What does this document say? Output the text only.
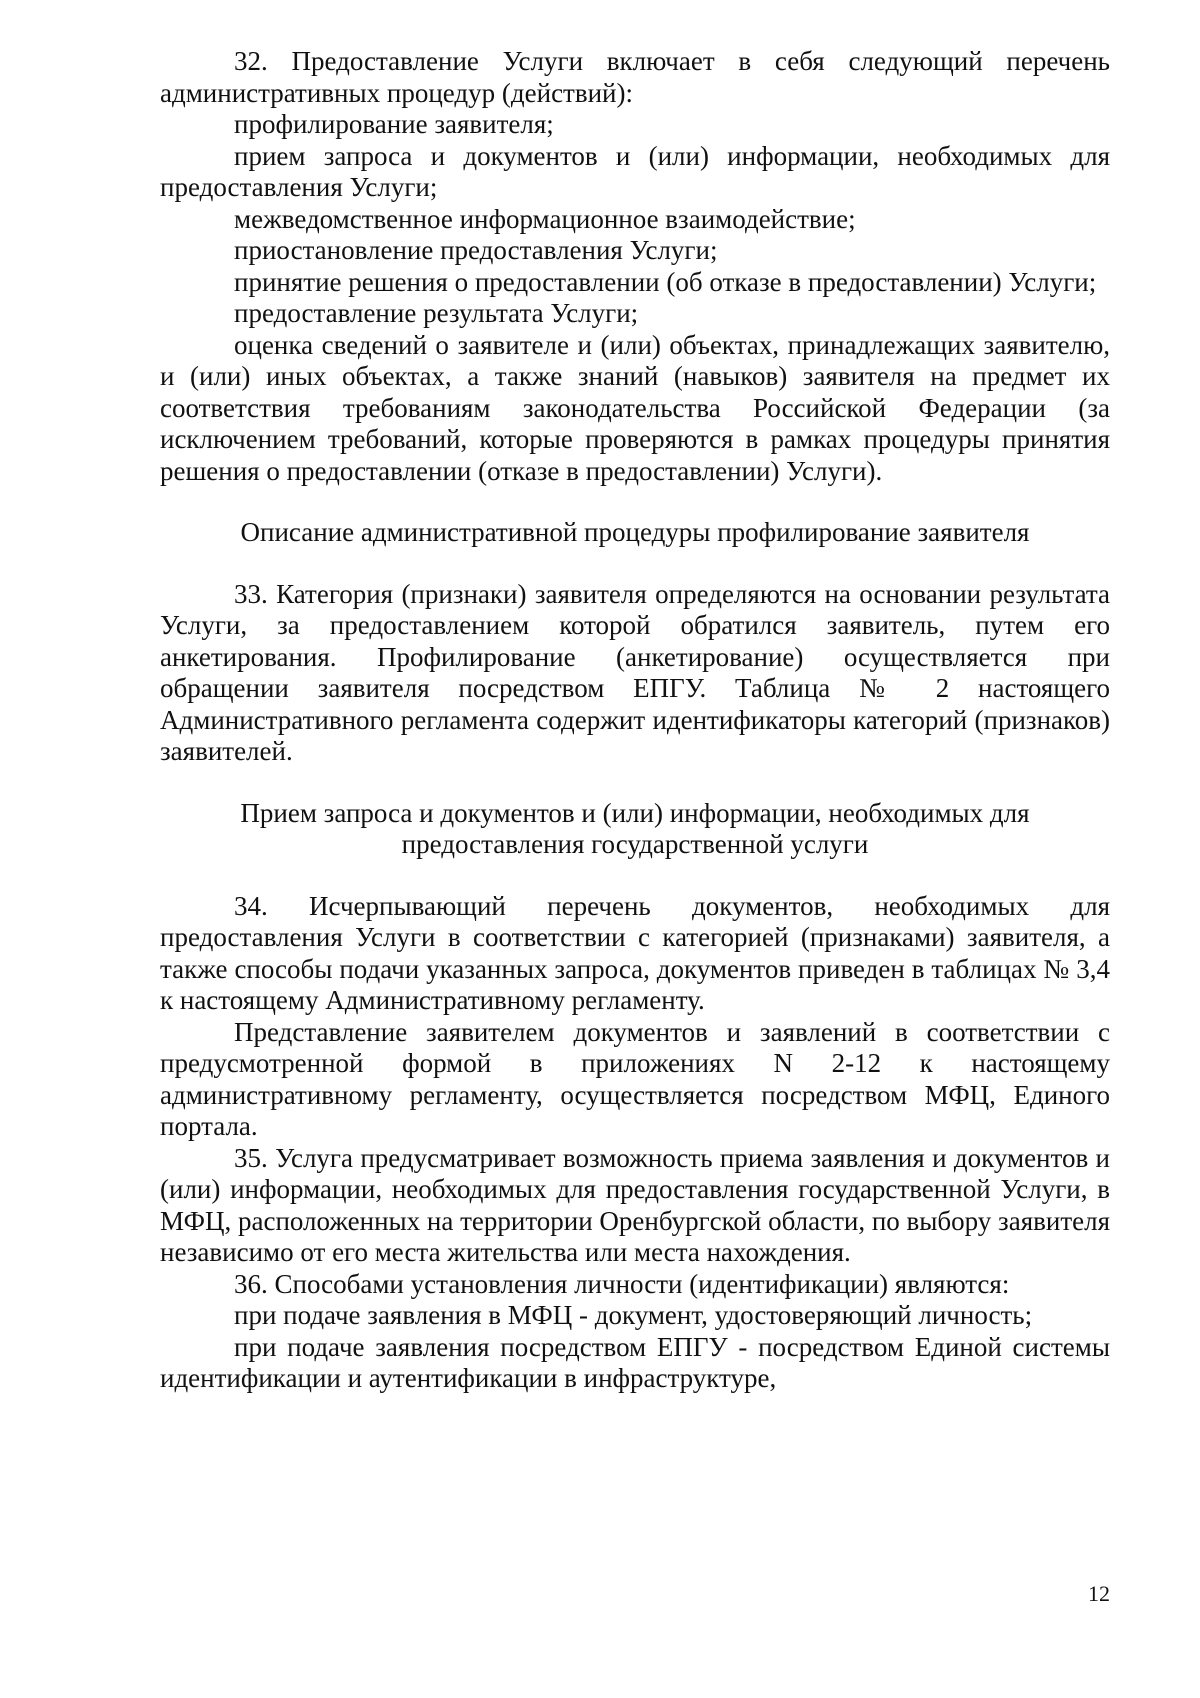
32. Предоставление Услуги включает в себя следующий перечень административных процедур (действий):

профилирование заявителя;

прием запроса и документов и (или) информации, необходимых для предоставления Услуги;

межведомственное информационное взаимодействие;

приостановление предоставления Услуги;

принятие решения о предоставлении (об отказе в предоставлении) Услуги;

предоставление результата Услуги;

оценка сведений о заявителе и (или) объектах, принадлежащих заявителю, и (или) иных объектах, а также знаний (навыков) заявителя на предмет их соответствия требованиям законодательства Российской Федерации (за исключением требований, которые проверяются в рамках процедуры принятия решения о предоставлении (отказе в предоставлении) Услуги).

Описание административной процедуры профилирование заявителя

33. Категория (признаки) заявителя определяются на основании результата Услуги, за предоставлением которой обратился заявитель, путем его анкетирования. Профилирование (анкетирование) осуществляется при обращении заявителя посредством ЕПГУ. Таблица № 2 настоящего Административного регламента содержит идентификаторы категорий (признаков) заявителей.

Прием запроса и документов и (или) информации, необходимых для
предоставления государственной услуги

34. Исчерпывающий перечень документов, необходимых для предоставления Услуги в соответствии с категорией (признаками) заявителя, а также способы подачи указанных запроса, документов приведен в таблицах № 3,4 к настоящему Административному регламенту.

Представление заявителем документов и заявлений в соответствии с предусмотренной формой в приложениях N 2-12 к настоящему административному регламенту, осуществляется посредством МФЦ, Единого портала.

35. Услуга предусматривает возможность приема заявления и документов и (или) информации, необходимых для предоставления государственной Услуги, в МФЦ, расположенных на территории Оренбургской области, по выбору заявителя независимо от его места жительства или места нахождения.

36. Способами установления личности (идентификации) являются:

при подаче заявления в МФЦ - документ, удостоверяющий личность;

при подаче заявления посредством ЕПГУ - посредством Единой системы идентификации и аутентификации в инфраструктуре,

12
